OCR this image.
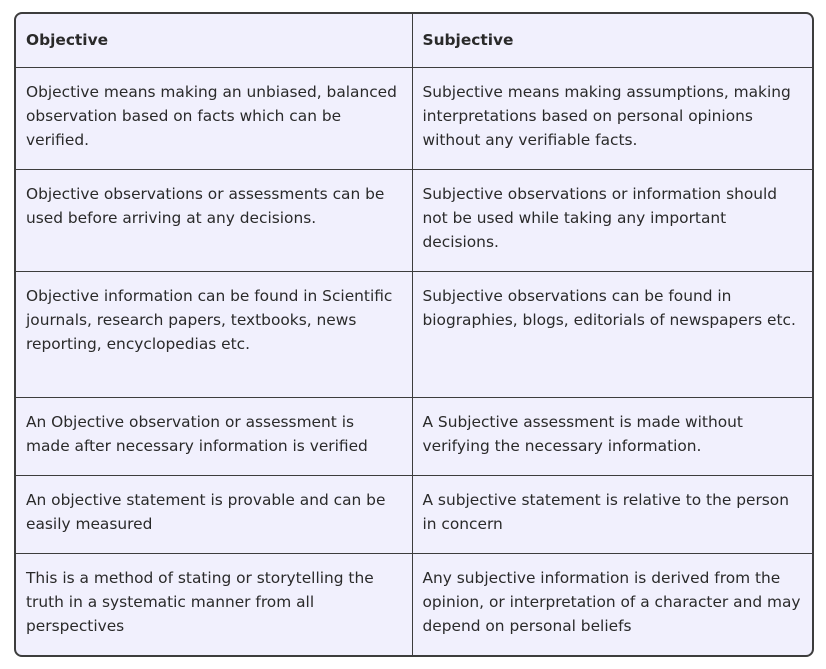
Objective	Subjective
Objective means making an unbiased, balanced observation based on facts which can be verified.	Subjective means making assumptions, making interpretations based on personal opinions without any verifiable facts.
Objective observations or assessments can be used before arriving at any decisions.	Subjective observations or information should not be used while taking any important decisions.
Objective information can be found in Scientific journals, research papers, textbooks, news reporting, encyclopedias etc.	Subjective observations can be found in biographies, blogs, editorials of newspapers etc.
An Objective observation or assessment is made after necessary information is verified	A Subjective assessment is made without verifying the necessary information.
An objective statement is provable and can be easily measured	A subjective statement is relative to the person in concern
This is a method of stating or storytelling the truth in a systematic manner from all perspectives	Any subjective information is derived from the opinion, or interpretation of a character and may depend on personal beliefs
